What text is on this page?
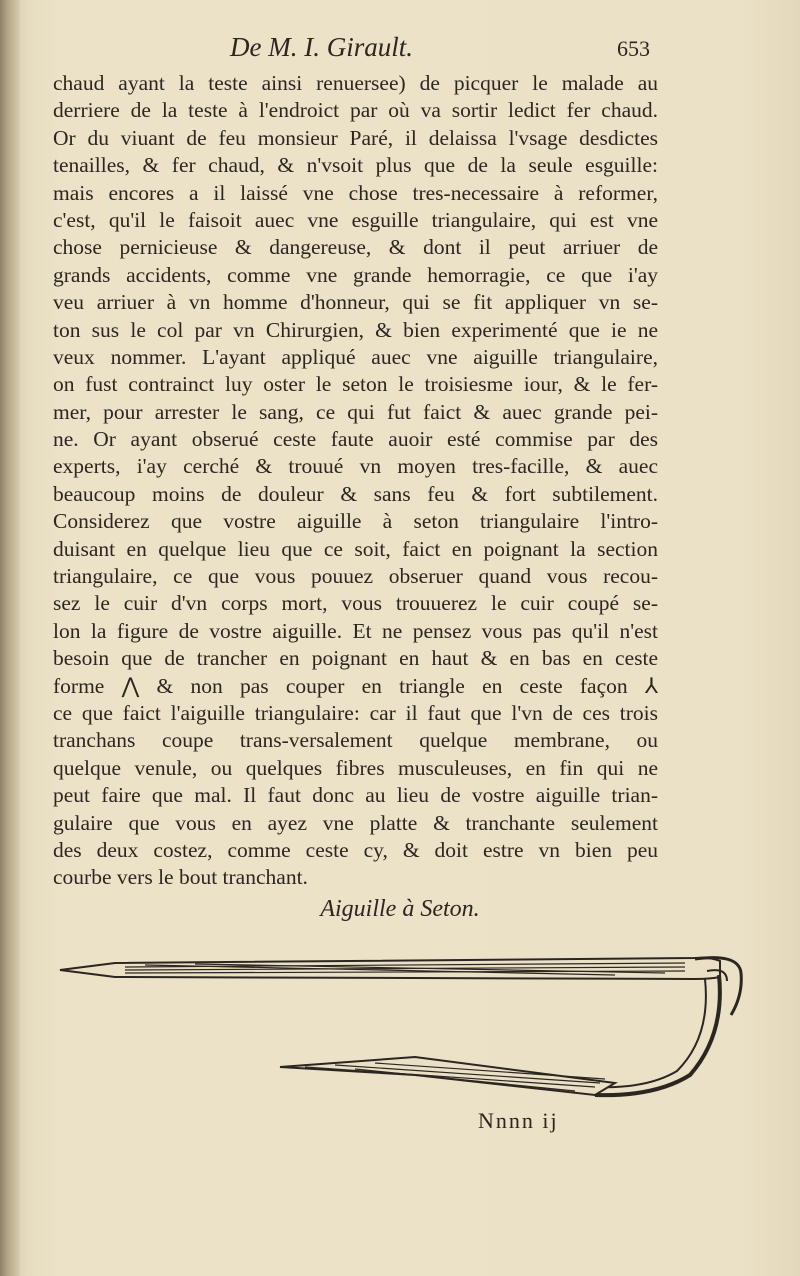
De M. I. Girault.	653
chaud ayant la teste ainsi renuersee) de picquer le malade au
derriere de la teste à l'endroict par où va sortir ledict fer chaud.
Or du viuant de feu monsieur Paré, il delaissa l'vsage desdictes
tenailles, & fer chaud, & n'vsoit plus que de la seule esguille:
mais encores a il laissé vne chose tres-necessaire à reformer,
c'est, qu'il le faisoit auec vne esguille triangulaire, qui est vne
chose pernicieuse & dangereuse, & dont il peut arriuer de
grands accidents, comme vne grande hemorragie, ce que i'ay
veu arriuer à vn homme d'honneur, qui se fit appliquer vn se-
ton sus le col par vn Chirurgien, & bien experimenté que ie ne
veux nommer. L'ayant appliqué auec vne aiguille triangulaire,
on fust contrainct luy oster le seton le troisiesme iour, & le fer-
mer, pour arrester le sang, ce qui fut faict & auec grande pei-
ne. Or ayant obserué ceste faute auoir esté commise par des
experts, i'ay cerché & trouué vn moyen tres-facille, & auec
beaucoup moins de douleur & sans feu & fort subtilement.
Considerez que vostre aiguille à seton triangulaire l'intro-
duisant en quelque lieu que ce soit, faict en poignant la section
triangulaire, ce que vous pouuez obseruer quand vous recou-
sez le cuir d'vn corps mort, vous trouuerez le cuir coupé se-
lon la figure de vostre aiguille. Et ne pensez vous pas qu'il n'est
besoin que de trancher en poignant en haut & en bas en ceste
forme ⋀ & non pas couper en triangle en ceste façon ⅄
ce que faict l'aiguille triangulaire: car il faut que l'vn de ces trois
tranchans coupe trans-versalement quelque membrane, ou
quelque venule, ou quelques fibres musculeuses, en fin qui ne
peut faire que mal. Il faut donc au lieu de vostre aiguille trian-
gulaire que vous en ayez vne platte & tranchante seulement
des deux costez, comme ceste cy, & doit estre vn bien peu
courbe vers le bout tranchant.
Aiguille à Seton.
Nnnn ij
